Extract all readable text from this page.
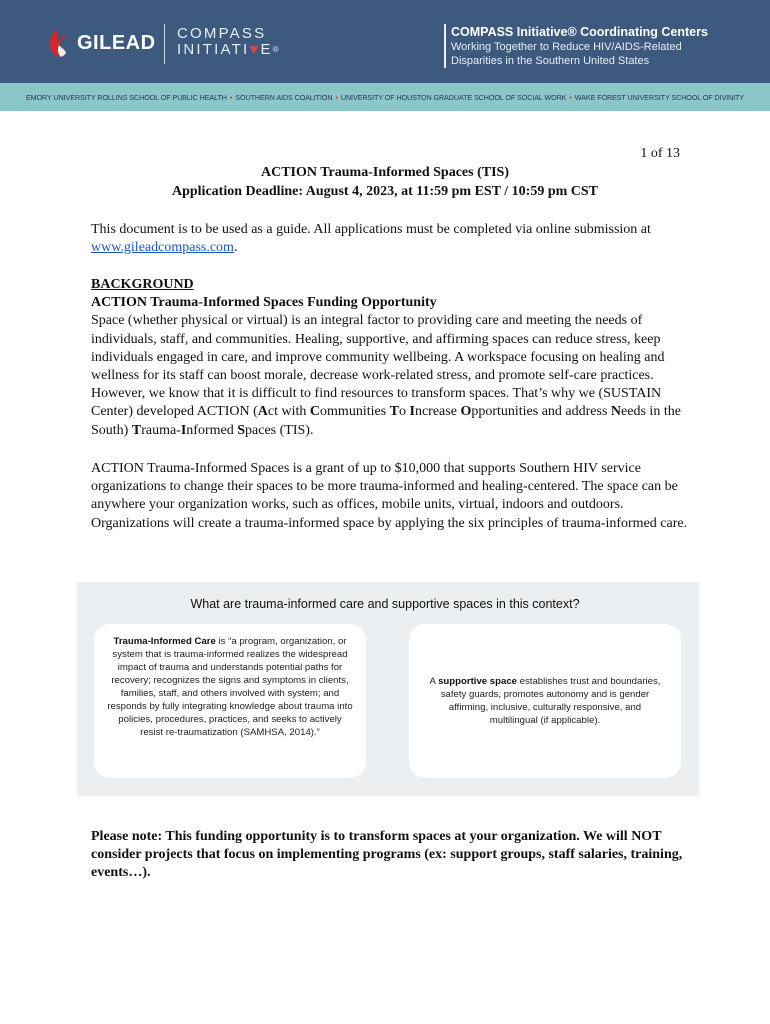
GILEAD COMPASS
INITIATI♥E®
COMPASS Initiative® Coordinating Centers
Working Together to Reduce HIV/AIDS-Related
Disparities in the Southern United States
EMORY UNIVERSITY ROLLINS SCHOOL OF PUBLIC HEALTH • SOUTHERN AIDS COALITION • UNIVERSITY OF HOUSTON GRADUATE SCHOOL OF SOCIAL WORK • WAKE FOREST UNIVERSITY SCHOOL OF DIVINITY
1 of 13
ACTION Trauma-Informed Spaces (TIS)
Application Deadline: August 4, 2023, at 11:59 pm EST / 10:59 pm CST
This document is to be used as a guide. All applications must be completed via online submission at www.gileadcompass.com.
BACKGROUND
ACTION Trauma-Informed Spaces Funding Opportunity
Space (whether physical or virtual) is an integral factor to providing care and meeting the needs of individuals, staff, and communities. Healing, supportive, and affirming spaces can reduce stress, keep individuals engaged in care, and improve community wellbeing. A workspace focusing on healing and wellness for its staff can boost morale, decrease work-related stress, and promote self-care practices. However, we know that it is difficult to find resources to transform spaces. That’s why we (SUSTAIN Center) developed ACTION (Act with Communities To Increase Opportunities and address Needs in the South) Trauma-Informed Spaces (TIS).
ACTION Trauma-Informed Spaces is a grant of up to $10,000 that supports Southern HIV service organizations to change their spaces to be more trauma-informed and healing-centered. The space can be anywhere your organization works, such as offices, mobile units, virtual, indoors and outdoors. Organizations will create a trauma-informed space by applying the six principles of trauma-informed care.
What are trauma-informed care and supportive spaces in this context?
Trauma-Informed Care is “a program, organization, or system that is trauma-informed realizes the widespread impact of trauma and understands potential paths for recovery; recognizes the signs and symptoms in clients, families, staff, and others involved with system; and responds by fully integrating knowledge about trauma into policies, procedures, practices, and seeks to actively resist re-traumatization (SAMHSA, 2014).”
A supportive space establishes trust and boundaries, safety guards, promotes autonomy and is gender affirming, inclusive, culturally responsive, and multilingual (if applicable).
Please note: This funding opportunity is to transform spaces at your organization. We will NOT consider projects that focus on implementing programs (ex: support groups, staff salaries, training, events…).
